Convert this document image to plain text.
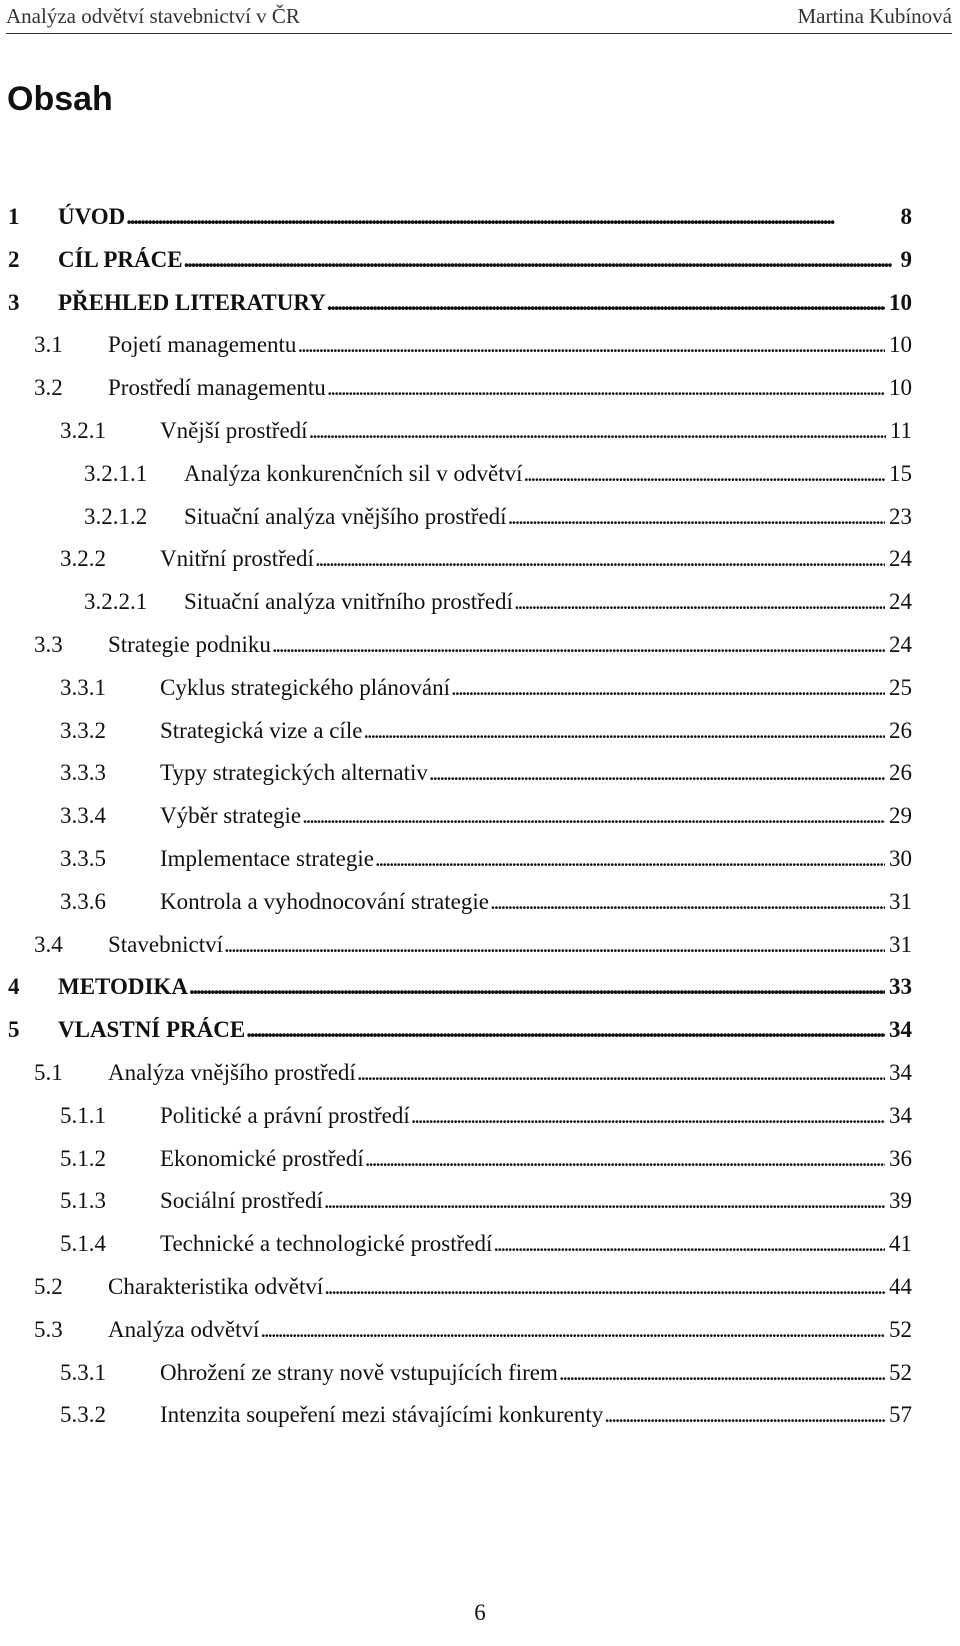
Analýza odvětví stavebnictví v ČR	Martina Kubínová
Obsah
1 ÚVOD . . .	8
2 CÍL PRÁCE . . .	9
3 PŘEHLED LITERATURY . . .	10
3.1 Pojetí managementu . . .	10
3.2 Prostředí managementu . . .	10
3.2.1 Vnější prostředí . . .	11
3.2.1.1 Analýza konkurenčních sil v odvětví . . .	15
3.2.1.2 Situační analýza vnějšího prostředí . . .	23
3.2.2 Vnitřní prostředí . . .	24
3.2.2.1 Situační analýza vnitřního prostředí . . .	24
3.3 Strategie podniku . . .	24
3.3.1 Cyklus strategického plánování . . .	25
3.3.2 Strategická vize a cíle . . .	26
3.3.3 Typy strategických alternativ . . .	26
3.3.4 Výběr strategie . . .	29
3.3.5 Implementace strategie . . .	30
3.3.6 Kontrola a vyhodnocování strategie . . .	31
3.4 Stavebnictví . . .	31
4 METODIKA . . .	33
5 VLASTNÍ PRÁCE . . .	34
5.1 Analýza vnějšího prostředí . . .	34
5.1.1 Politické a právní prostředí . . .	34
5.1.2 Ekonomické prostředí . . .	36
5.1.3 Sociální prostředí . . .	39
5.1.4 Technické a technologické prostředí . . .	41
5.2 Charakteristika odvětví . . .	44
5.3 Analýza odvětví . . .	52
5.3.1 Ohrožení ze strany nově vstupujících firem . . .	52
5.3.2 Intenzita soupeření mezi stávajícími konkurenty . . .	57
6
